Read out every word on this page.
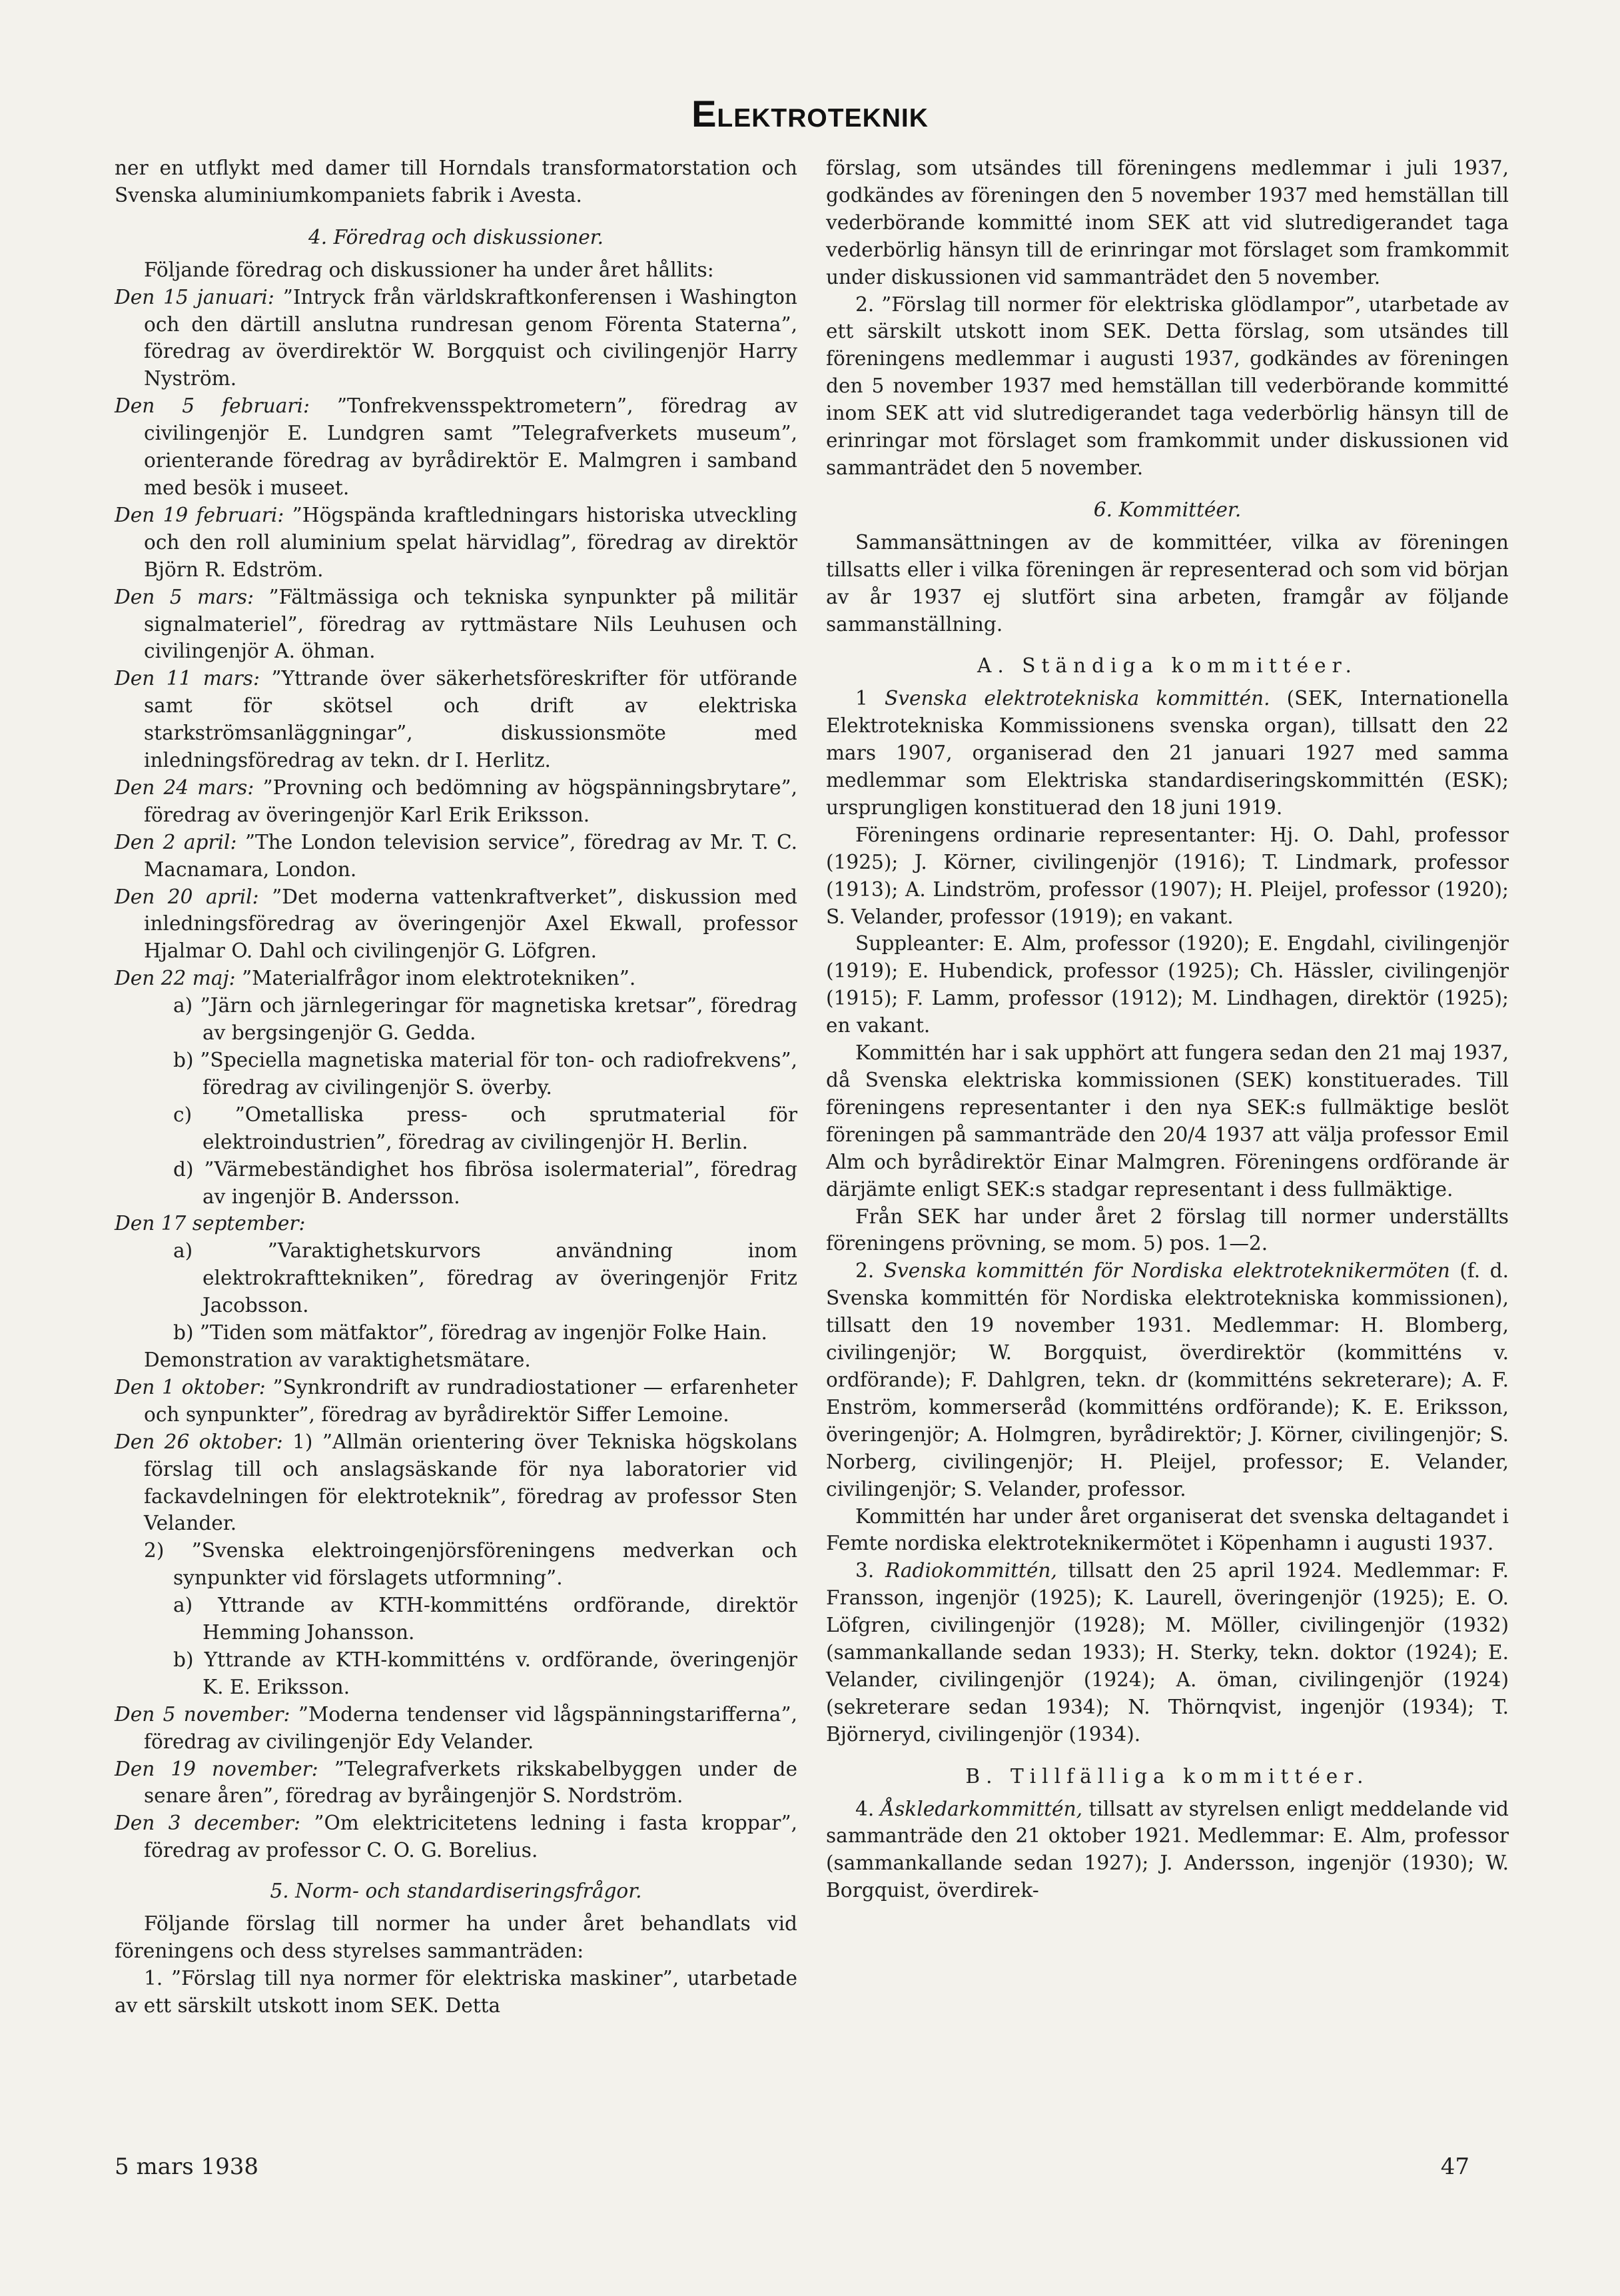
Elektroteknik

ner en utflykt med damer till Horndals transformatorstation och Svenska aluminiumkompaniets fabrik i Avesta.

4. Föredrag och diskussioner.

Följande föredrag och diskussioner ha under året hållits:

Den 15 januari: ”Intryck från världskraftkonferensen i Washington och den därtill anslutna rundresan genom Förenta Staterna”, föredrag av överdirektör W. Borgquist och civilingenjör Harry Nyström.

Den 5 februari: ”Tonfrekvensspektrometern”, föredrag av civilingenjör E. Lundgren samt ”Telegrafverkets museum”, orienterande föredrag av byrådirektör E. Malmgren i samband med besök i museet.

Den 19 februari: ”Högspända kraftledningars historiska utveckling och den roll aluminium spelat härvidlag”, föredrag av direktör Björn R. Edström.

Den 5 mars: ”Fältmässiga och tekniska synpunkter på militär signalmateriel”, föredrag av ryttmästare Nils Leuhusen och civilingenjör A. öhman.

Den 11 mars: ”Yttrande över säkerhetsföreskrifter för utförande samt för skötsel och drift av elektriska starkströmsanläggningar”, diskussionsmöte med inledningsföredrag av tekn. dr I. Herlitz.

Den 24 mars: ”Provning och bedömning av högspänningsbrytare”, föredrag av överingenjör Karl Erik Eriksson.

Den 2 april: ”The London television service”, föredrag av Mr. T. C. Macnamara, London.

Den 20 april: ”Det moderna vattenkraftverket”, diskussion med inledningsföredrag av överingenjör Axel Ekwall, professor Hjalmar O. Dahl och civilingenjör G. Löfgren.

Den 22 maj: ”Materialfrågor inom elektrotekniken”.

a) ”Järn och järnlegeringar för magnetiska kretsar”, föredrag av bergsingenjör G. Gedda.

b) ”Speciella magnetiska material för ton- och radiofrekvens”, föredrag av civilingenjör S. överby.

c) ”Ometalliska press- och sprutmaterial för elektroindustrien”, föredrag av civilingenjör H. Berlin.

d) ”Värmebeständighet hos fibrösa isolermaterial”, föredrag av ingenjör B. Andersson.

Den 17 september:

a) ”Varaktighetskurvors användning inom elektrokrafttekniken”, föredrag av överingenjör Fritz Jacobsson.

b) ”Tiden som mätfaktor”, föredrag av ingenjör Folke Hain.

Demonstration av varaktighetsmätare.

Den 1 oktober: ”Synkrondrift av rundradiostationer — erfarenheter och synpunkter”, föredrag av byrådirektör Siffer Lemoine.

Den 26 oktober: 1) ”Allmän orientering över Tekniska högskolans förslag till och anslagsäskande för nya laboratorier vid fackavdelningen för elektroteknik”, föredrag av professor Sten Velander.

2) ”Svenska elektroingenjörsföreningens medverkan och synpunkter vid förslagets utformning”.

a) Yttrande av KTH-kommitténs ordförande, direktör Hemming Johansson.

b) Yttrande av KTH-kommitténs v. ordförande, överingenjör K. E. Eriksson.

Den 5 november: ”Moderna tendenser vid lågspänningstarifferna”, föredrag av civilingenjör Edy Velander.

Den 19 november: ”Telegrafverkets rikskabelbyggen under de senare åren”, föredrag av byråingenjör S. Nordström.

Den 3 december: ”Om elektricitetens ledning i fasta kroppar”, föredrag av professor C. O. G. Borelius.

5. Norm- och standardiseringsfrågor.

Följande förslag till normer ha under året behandlats vid föreningens och dess styrelses sammanträden:

1. ”Förslag till nya normer för elektriska maskiner”, utarbetade av ett särskilt utskott inom SEK. Detta

förslag, som utsändes till föreningens medlemmar i juli 1937, godkändes av föreningen den 5 november 1937 med hemställan till vederbörande kommitté inom SEK att vid slutredigerandet taga vederbörlig hänsyn till de erinringar mot förslaget som framkommit under diskussionen vid sammanträdet den 5 november.

2. ”Förslag till normer för elektriska glödlampor”, utarbetade av ett särskilt utskott inom SEK. Detta förslag, som utsändes till föreningens medlemmar i augusti 1937, godkändes av föreningen den 5 november 1937 med hemställan till vederbörande kommitté inom SEK att vid slutredigerandet taga vederbörlig hänsyn till de erinringar mot förslaget som framkommit under diskussionen vid sammanträdet den 5 november.

6. Kommittéer.

Sammansättningen av de kommittéer, vilka av föreningen tillsatts eller i vilka föreningen är representerad och som vid början av år 1937 ej slutfört sina arbeten, framgår av följande sammanställning.

A. Ständiga kommittéer.

1 Svenska elektrotekniska kommittén. (SEK, Internationella Elektrotekniska Kommissionens svenska organ), tillsatt den 22 mars 1907, organiserad den 21 januari 1927 med samma medlemmar som Elektriska standardiseringskommittén (ESK); ursprungligen konstituerad den 18 juni 1919.

Föreningens ordinarie representanter: Hj. O. Dahl, professor (1925); J. Körner, civilingenjör (1916); T. Lindmark, professor (1913); A. Lindström, professor (1907); H. Pleijel, professor (1920); S. Velander, professor (1919); en vakant.

Suppleanter: E. Alm, professor (1920); E. Engdahl, civilingenjör (1919); E. Hubendick, professor (1925); Ch. Hässler, civilingenjör (1915); F. Lamm, professor (1912); M. Lindhagen, direktör (1925); en vakant.

Kommittén har i sak upphört att fungera sedan den 21 maj 1937, då Svenska elektriska kommissionen (SEK) konstituerades. Till föreningens representanter i den nya SEK:s fullmäktige beslöt föreningen på sammanträde den 20/4 1937 att välja professor Emil Alm och byrådirektör Einar Malmgren. Föreningens ordförande är därjämte enligt SEK:s stadgar representant i dess fullmäktige.

Från SEK har under året 2 förslag till normer underställts föreningens prövning, se mom. 5) pos. 1—2.

2. Svenska kommittén för Nordiska elektroteknikermöten (f. d. Svenska kommittén för Nordiska elektrotekniska kommissionen), tillsatt den 19 november 1931. Medlemmar: H. Blomberg, civilingenjör; W. Borgquist, överdirektör (kommitténs v. ordförande); F. Dahlgren, tekn. dr (kommitténs sekreterare); A. F. Enström, kommerseråd (kommitténs ordförande); K. E. Eriksson, överingenjör; A. Holmgren, byrådirektör; J. Körner, civilingenjör; S. Norberg, civilingenjör; H. Pleijel, professor; E. Velander, civilingenjör; S. Velander, professor.

Kommittén har under året organiserat det svenska deltagandet i Femte nordiska elektroteknikermötet i Köpenhamn i augusti 1937.

3. Radiokommittén, tillsatt den 25 april 1924. Medlemmar: F. Fransson, ingenjör (1925); K. Laurell, överingenjör (1925); E. O. Löfgren, civilingenjör (1928); M. Möller, civilingenjör (1932) (sammankallande sedan 1933); H. Sterky, tekn. doktor (1924); E. Velander, civilingenjör (1924); A. öman, civilingenjör (1924) (sekreterare sedan 1934); N. Thörnqvist, ingenjör (1934); T. Björneryd, civilingenjör (1934).

B. Tillfälliga kommittéer.

4. Åskledarkommittén, tillsatt av styrelsen enligt meddelande vid sammanträde den 21 oktober 1921. Medlemmar: E. Alm, professor (sammankallande sedan 1927); J. Andersson, ingenjör (1930); W. Borgquist, överdirek-

5 mars 1938	47
